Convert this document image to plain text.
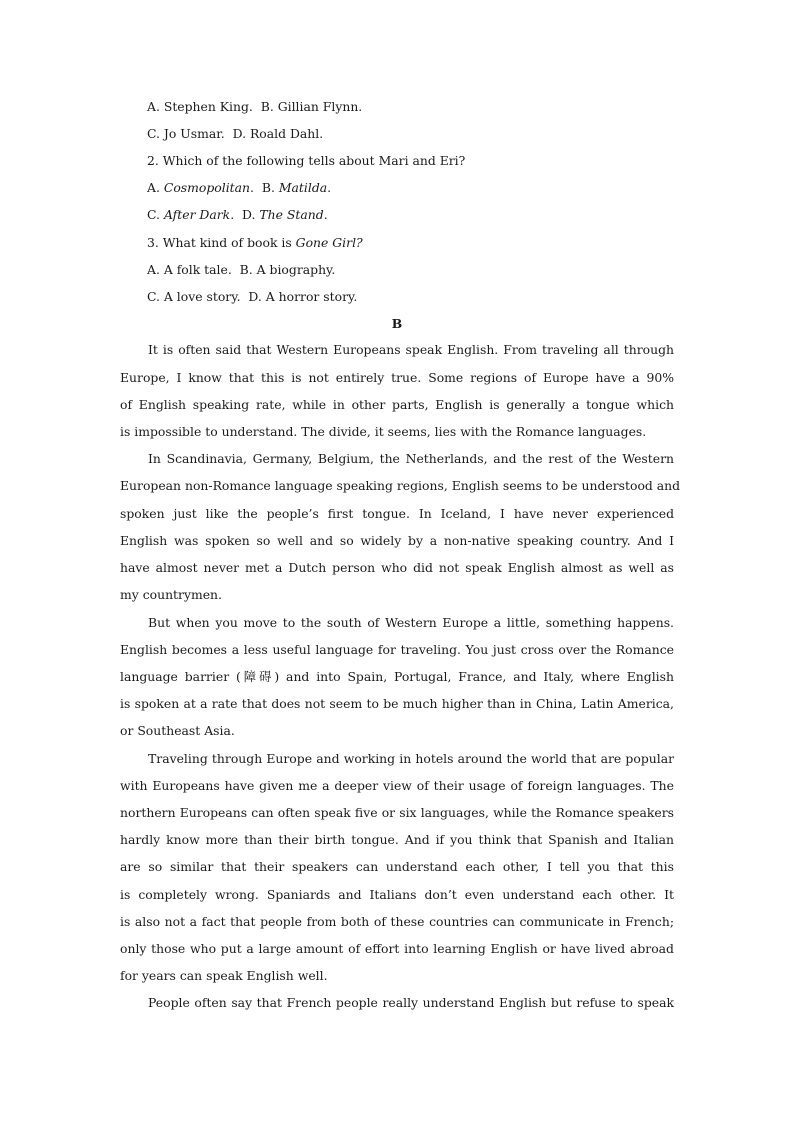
A. Stephen King. B. Gillian Flynn.
C. Jo Usmar. D. Roald Dahl.
2. Which of the following tells about Mari and Eri?
A. Cosmopolitan.  B. Matilda.
C. After Dark.  D. The Stand.
3. What kind of book is Gone Girl?
A. A folk tale. B. A biography.
C. A love story. D. A horror story.
B
It is often said that Western Europeans speak English. From traveling all through
Europe, I know that this is not entirely true. Some regions of Europe have a 90%
of English speaking rate, while in other parts, English is generally a tongue which
is impossible to understand. The divide, it seems, lies with the Romance languages.
In Scandinavia, Germany, Belgium, the Netherlands, and the rest of the Western
European non-Romance language speaking regions, English seems to be understood and
spoken just like the people’s first tongue. In Iceland, I have never experienced
English was spoken so well and so widely by a non-native speaking country. And I
have almost never met a Dutch person who did not speak English almost as well as
my countrymen.
But when you move to the south of Western Europe a little, something happens.
English becomes a less useful language for traveling. You just cross over the Romance
language barrier (障碍) and into Spain, Portugal, France, and Italy, where English
is spoken at a rate that does not seem to be much higher than in China, Latin America,
or Southeast Asia.
Traveling through Europe and working in hotels around the world that are popular
with Europeans have given me a deeper view of their usage of foreign languages. The
northern Europeans can often speak five or six languages, while the Romance speakers
hardly know more than their birth tongue. And if you think that Spanish and Italian
are so similar that their speakers can understand each other, I tell you that this
is completely wrong. Spaniards and Italians don’t even understand each other. It
is also not a fact that people from both of these countries can communicate in French;
only those who put a large amount of effort into learning English or have lived abroad
for years can speak English well.
People often say that French people really understand English but refuse to speak
